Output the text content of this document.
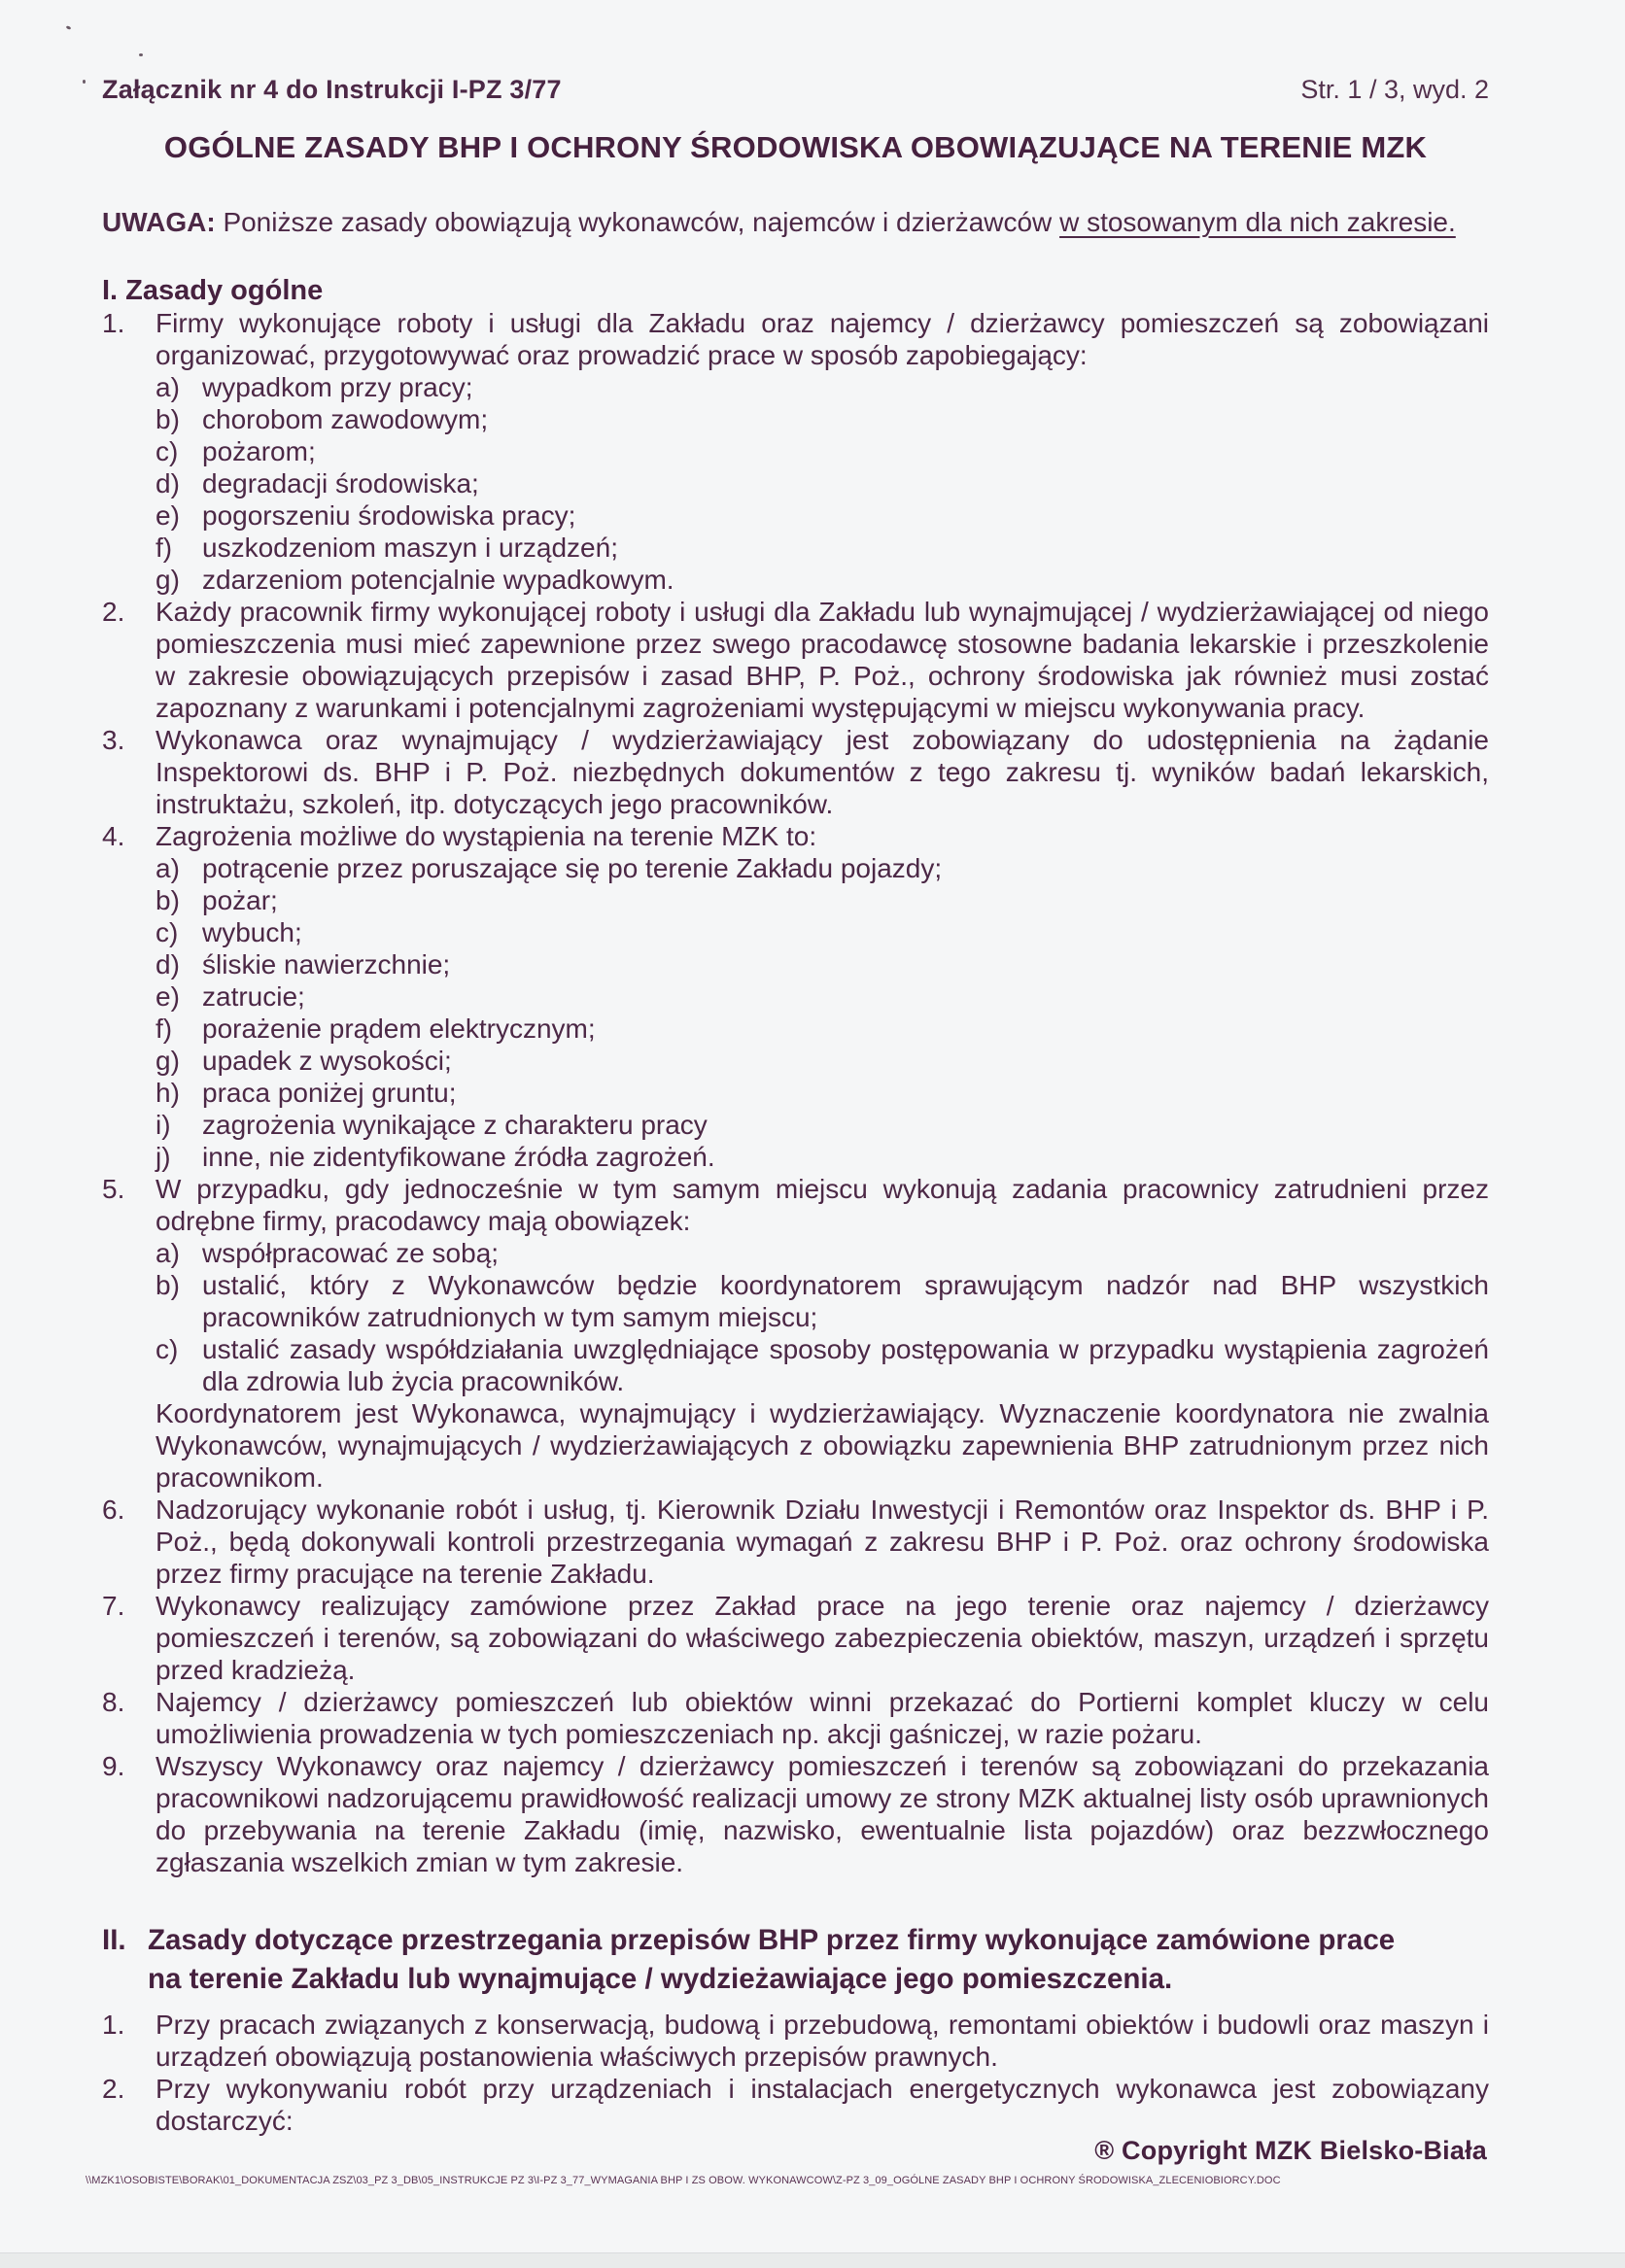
Załącznik nr 4 do Instrukcji I-PZ 3/77	Str. 1 / 3, wyd. 2
OGÓLNE ZASADY BHP I OCHRONY ŚRODOWISKA OBOWIĄZUJĄCE NA TERENIE MZK

UWAGA: Poniższe zasady obowiązują wykonawców, najemców i dzierżawców w stosowanym dla nich zakresie.

I. Zasady ogólne
1.	Firmy wykonujące roboty i usługi dla Zakładu oraz najemcy / dzierżawcy pomieszczeń są zobowiązani organizować, przygotowywać oraz prowadzić prace w sposób zapobiegający:
a) wypadkom przy pracy;
b) chorobom zawodowym;
c) pożarom;
d) degradacji środowiska;
e) pogorszeniu środowiska pracy;
f)	uszkodzeniom maszyn i urządzeń;
g) zdarzeniom potencjalnie wypadkowym.
2.	Każdy pracownik firmy wykonującej roboty i usługi dla Zakładu lub wynajmującej / wydzierżawiającej od niego pomieszczenia musi mieć zapewnione przez swego pracodawcę stosowne badania lekarskie i przeszkolenie w zakresie obowiązujących przepisów i zasad BHP, P. Poż., ochrony środowiska jak również musi zostać zapoznany z warunkami i potencjalnymi zagrożeniami występującymi w miejscu wykonywania pracy.
3.	Wykonawca oraz wynajmujący / wydzierżawiający jest zobowiązany do udostępnienia na żądanie Inspektorowi ds. BHP i P. Poż. niezbędnych dokumentów z tego zakresu tj. wyników badań lekarskich, instruktażu, szkoleń, itp. dotyczących jego pracowników.
4.	Zagrożenia możliwe do wystąpienia na terenie MZK to:
a) potrącenie przez poruszające się po terenie Zakładu pojazdy;
b) pożar;
c) wybuch;
d) śliskie nawierzchnie;
e) zatrucie;
f)	porażenie prądem elektrycznym;
g) upadek z wysokości;
h) praca poniżej gruntu;
i)	zagrożenia wynikające z charakteru pracy
j)	inne, nie zidentyfikowane źródła zagrożeń.
5.	W przypadku, gdy jednocześnie w tym samym miejscu wykonują zadania pracownicy zatrudnieni przez odrębne firmy, pracodawcy mają obowiązek:
a) współpracować ze sobą;
b) ustalić, który z Wykonawców będzie koordynatorem sprawującym nadzór nad BHP wszystkich pracowników zatrudnionych w tym samym miejscu;
c) ustalić zasady współdziałania uwzględniające sposoby postępowania w przypadku wystąpienia zagrożeń dla zdrowia lub życia pracowników.
Koordynatorem jest Wykonawca, wynajmujący i wydzierżawiający. Wyznaczenie koordynatora nie zwalnia Wykonawców, wynajmujących / wydzierżawiających z obowiązku zapewnienia BHP zatrudnionym przez nich pracownikom.
6.	Nadzorujący wykonanie robót i usług, tj. Kierownik Działu Inwestycji i Remontów oraz Inspektor ds. BHP i P. Poż., będą dokonywali kontroli przestrzegania wymagań z zakresu BHP i P. Poż. oraz ochrony środowiska przez firmy pracujące na terenie Zakładu.
7.	Wykonawcy realizujący zamówione przez Zakład prace na jego terenie oraz najemcy / dzierżawcy pomieszczeń i terenów, są zobowiązani do właściwego zabezpieczenia obiektów, maszyn, urządzeń i sprzętu przed kradzieżą.
8.	Najemcy / dzierżawcy pomieszczeń lub obiektów winni przekazać do Portierni komplet kluczy w celu umożliwienia prowadzenia w tych pomieszczeniach np. akcji gaśniczej, w razie pożaru.
9.	Wszyscy Wykonawcy oraz najemcy / dzierżawcy pomieszczeń i terenów są zobowiązani do przekazania pracownikowi nadzorującemu prawidłowość realizacji umowy ze strony MZK aktualnej listy osób uprawnionych do przebywania na terenie Zakładu (imię, nazwisko, ewentualnie lista pojazdów) oraz bezzwłocznego zgłaszania wszelkich zmian w tym zakresie.
II. Zasady dotyczące przestrzegania przepisów BHP przez firmy wykonujące zamówione prace na terenie Zakładu lub wynajmujące / wydzieżawiające jego pomieszczenia.
1.	Przy pracach związanych z konserwacją, budową i przebudową, remontami obiektów i budowli oraz maszyn i urządzeń obowiązują postanowienia właściwych przepisów prawnych.
2.	Przy wykonywaniu robót przy urządzeniach i instalacjach energetycznych wykonawca jest zobowiązany dostarczyć:
® Copyright MZK Bielsko-Biała
\\MZK1\OSOBISTE\BORAK\01_DOKUMENTACJA ZSZ\03_PZ 3_DB\05_INSTRUKCJE PZ 3\I-PZ 3_77_WYMAGANIA BHP I ZS OBOW. WYKONAWCOW\Z-PZ 3_09_OGÓLNE ZASADY BHP I OCHRONY ŚRODOWISKA_ZLECENIOBIORCY.DOC
